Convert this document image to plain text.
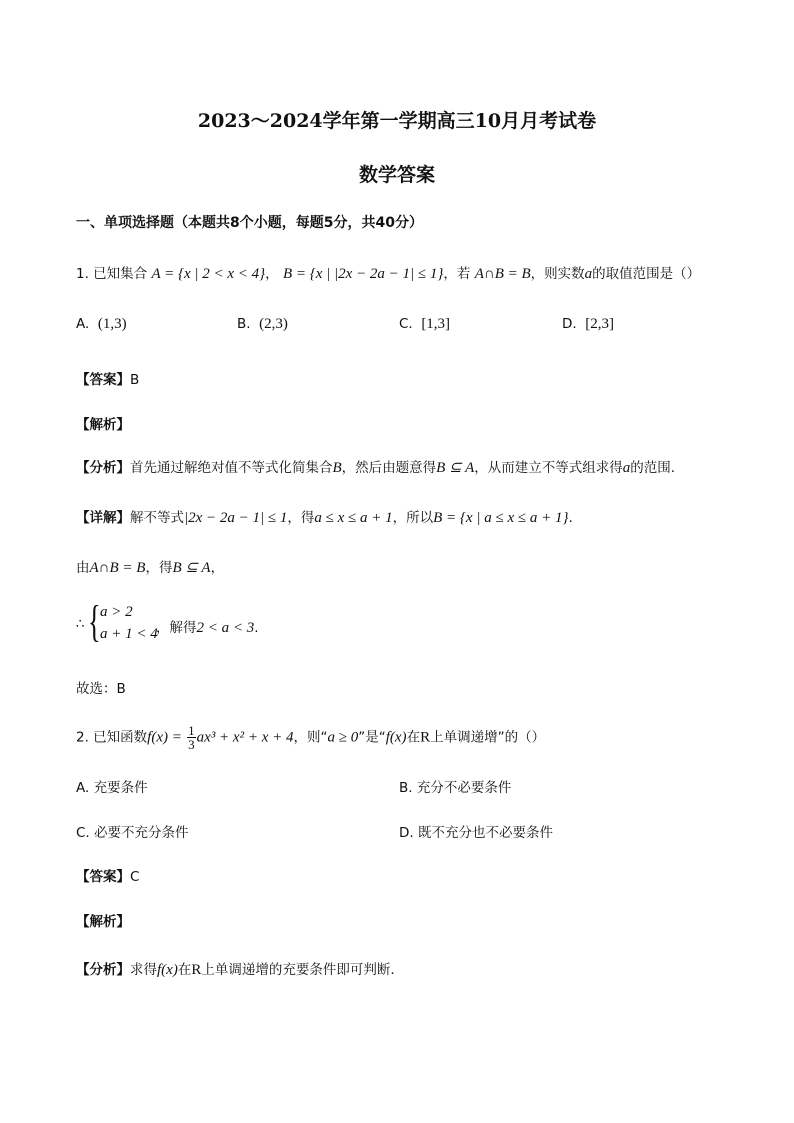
2023～2024学年第一学期高三10月月考试卷
数学答案
一、单项选择题（本题共8个小题，每题5分，共40分）
1. 已知集合 A = {x | 2 < x < 4}， B = {x | |2x − 2a − 1| ≤ 1}，若 A∩B = B，则实数a的取值范围是（）
A. (1,3)	B. (2,3)	C. [1,3]	D. [2,3]
【答案】B
【解析】
【分析】首先通过解绝对值不等式化简集合B，然后由题意得B ⊆ A，从而建立不等式组求得a的范围.
【详解】解不等式|2x − 2a − 1| ≤ 1，得a ≤ x ≤ a + 1，所以B = {x | a ≤ x ≤ a + 1}.
由A∩B = B，得B ⊆ A，
∴ { a > 2
a + 1 < 4
，解得2 < a < 3.
故选：B
2. 已知函数$f(x) = \frac{1}{3} ax^3 + x^2 + x + 4$，则“a ≥ 0”是“f(x)在R上单调递增”的（）
A. 充要条件	B. 充分不必要条件
C. 必要不充分条件	D. 既不充分也不必要条件
【答案】C
【解析】
【分析】求得f(x)在R上单调递增的充要条件即可判断.
